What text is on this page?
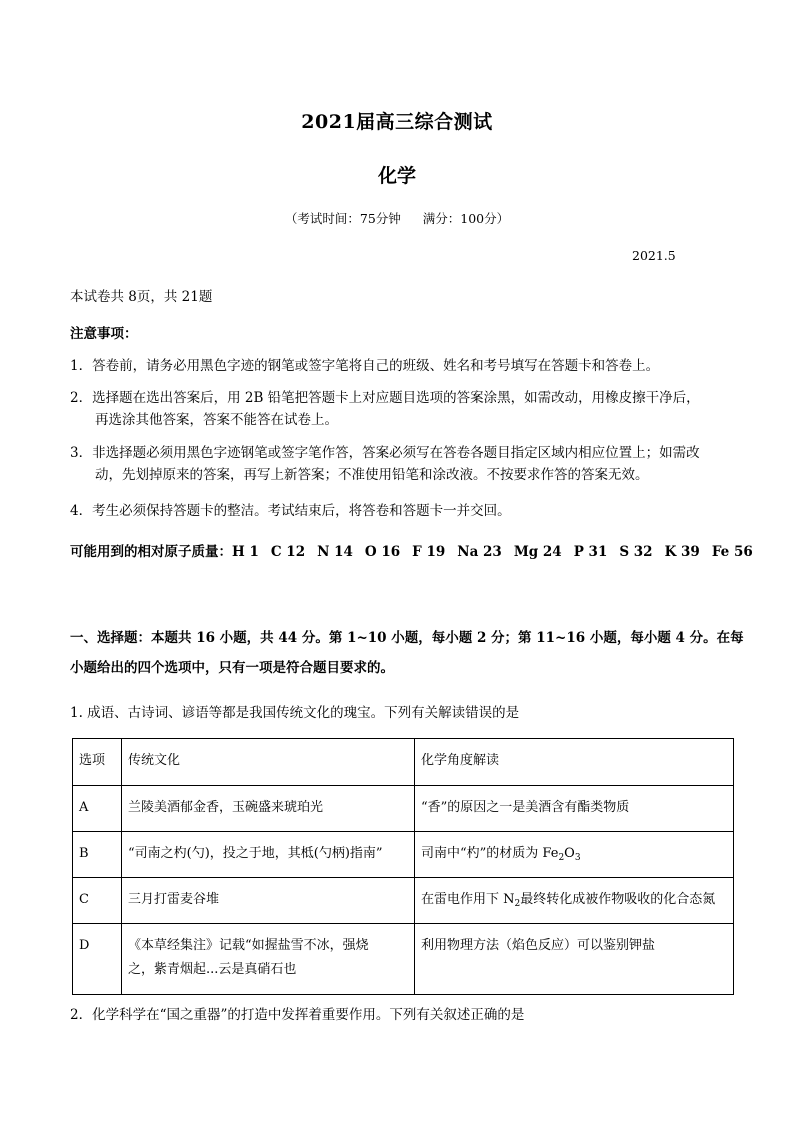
2021届高三综合测试
化学
（考试时间：75分钟 满分：100分）
2021.5
本试卷共 8页，共 21题
注意事项：
1．答卷前，请务必用黑色字迹的钢笔或签字笔将自己的班级、姓名和考号填写在答题卡和答卷上。
2．选择题在选出答案后，用 2B 铅笔把答题卡上对应题目选项的答案涂黑，如需改动，用橡皮擦干净后，
再选涂其他答案，答案不能答在试卷上。
3．非选择题必须用黑色字迹钢笔或签字笔作答，答案必须写在答卷各题目指定区域内相应位置上；如需改
动，先划掉原来的答案，再写上新答案；不准使用铅笔和涂改液。不按要求作答的答案无效。
4．考生必须保持答题卡的整洁。考试结束后，将答卷和答题卡一并交回。
可能用到的相对原子质量：H 1 C 12 N 14 O 16 F 19 Na 23 Mg 24 P 31 S 32 K 39 Fe 56
一、选择题：本题共 16 小题，共 44 分。第 1~10 小题，每小题 2 分；第 11~16 小题，每小题 4 分。在每
小题给出的四个选项中，只有一项是符合题目要求的。
1. 成语、古诗词、谚语等都是我国传统文化的瑰宝。下列有关解读错误的是
选项	传统文化	化学角度解读
A	兰陵美酒郁金香，玉碗盛来琥珀光	“香”的原因之一是美酒含有酯类物质
B	“司南之杓(勺)，投之于地，其柢(勺柄)指南”	司南中“杓”的材质为 $Fe_2O_3$
C	三月打雷麦谷堆	在雷电作用下 $N_2$最终转化成被作物吸收的化合态氮
D	《本草经集注》记载“如握盐雪不冰，强烧
之，紫青烟起...云是真硝石也	利用物理方法（焰色反应）可以鉴别钾盐
2．化学科学在“国之重器”的打造中发挥着重要作用。下列有关叙述正确的是
